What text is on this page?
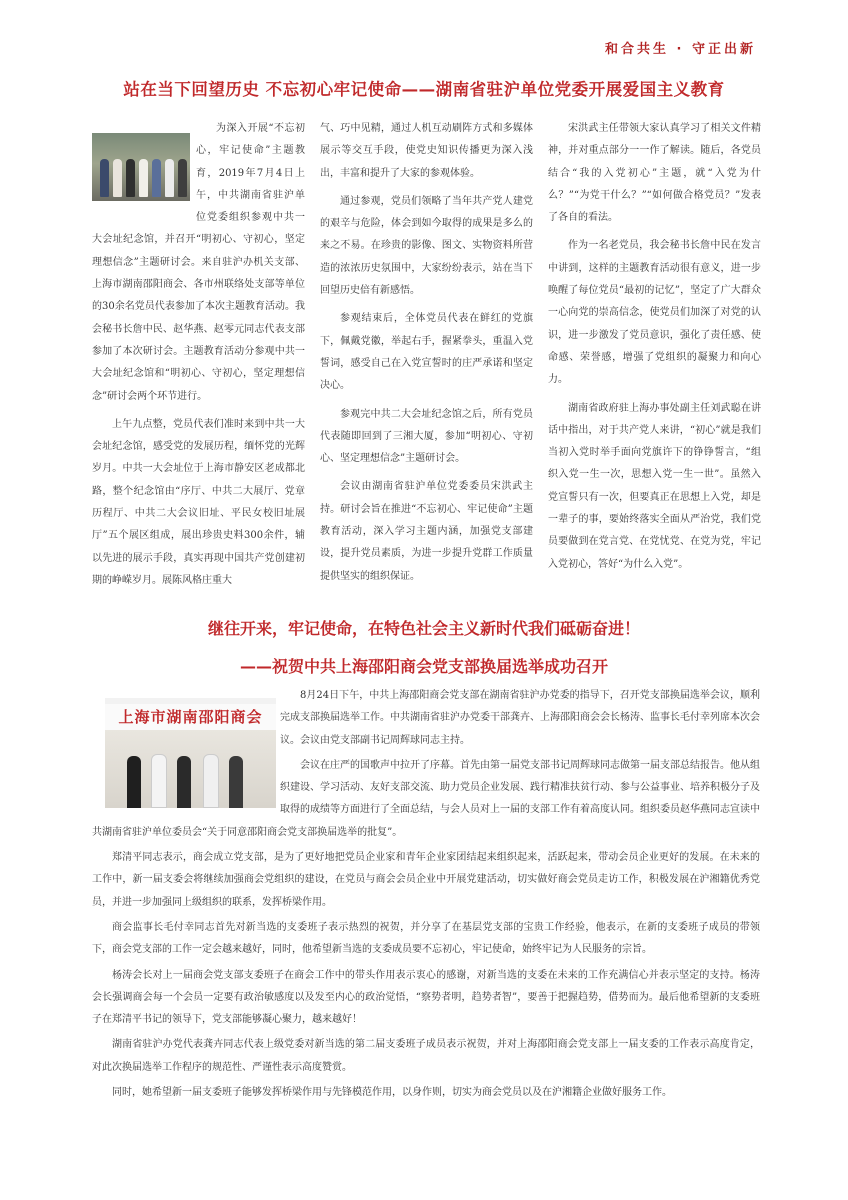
和合共生 · 守正出新
站在当下回望历史 不忘初心牢记使命——湖南省驻沪单位党委开展爱国主义教育

为深入开展“不忘初心，牢记使命”主题教育，2019年7月4日上午，中共湖南省驻沪单位党委组织参观中共一大会址纪念馆，并召开“明初心、守初心，坚定理想信念”主题研讨会。来自驻沪办机关支部、上海市湖南邵阳商会、各市州联络处支部等单位的30余名党员代表参加了本次主题教育活动。我会秘书长詹中民、赵华燕、赵零元同志代表支部参加了本次研讨会。主题教育活动分参观中共一大会址纪念馆和“明初心、守初心，坚定理想信念”研讨会两个环节进行。

上午九点整，党员代表们准时来到中共一大会址纪念馆，感受党的发展历程，缅怀党的光辉岁月。中共一大会址位于上海市静安区老成都北路，整个纪念馆由“序厅、中共二大展厅、党章历程厅、中共二大会议旧址、平民女校旧址展厅”五个展区组成，展出珍贵史料300余件，辅以先进的展示手段，真实再现中国共产党创建初期的峥嵘岁月。展陈风格庄重大

气、巧中见精，通过人机互动刷阵方式和多媒体展示等交互手段，使党史知识传播更为深入浅出，丰富和提升了大家的参观体验。

通过参观，党员们领略了当年共产党人建党的艰辛与危险，体会到如今取得的成果是多么的来之不易。在珍贵的影像、图文、实物资料所营造的浓浓历史氛围中，大家纷纷表示，站在当下回望历史倍有新感悟。

参观结束后，全体党员代表在鲜红的党旗下，佩戴党徽，举起右手，握紧拳头，重温入党誓词，感受自己在入党宣誓时的庄严承诺和坚定决心。

参观完中共二大会址纪念馆之后，所有党员代表随即回到了三湘大厦，参加“明初心、守初心、坚定理想信念”主题研讨会。

会议由湖南省驻沪单位党委委员宋洪武主持。研讨会旨在推进“不忘初心、牢记使命”主题教育活动，深入学习主题内涵，加强党支部建设，提升党员素质，为进一步提升党群工作质量提供坚实的组织保证。

宋洪武主任带领大家认真学习了相关文件精神，并对重点部分一一作了解读。随后，各党员结合“我的入党初心”主题，就“入党为什么？”“为党干什么？”“如何做合格党员？”发表了各自的看法。

作为一名老党员，我会秘书长詹中民在发言中讲到，这样的主题教育活动很有意义，进一步唤醒了每位党员“最初的记忆”，坚定了广大群众一心向党的崇高信念，使党员们加深了对党的认识，进一步激发了党员意识，强化了责任感、使命感、荣誉感，增强了党组织的凝聚力和向心力。

湖南省政府驻上海办事处副主任刘武聪在讲话中指出，对于共产党人来讲，“初心”就是我们当初入党时举手面向党旗许下的铮铮誓言，“组织入党一生一次，思想入党一生一世”。虽然入党宣誓只有一次，但要真正在思想上入党，却是一辈子的事，要始终落实全面从严治党，我们党员要做到在党言党、在党忧党、在党为党，牢记入党初心，答好“为什么入党”。

继往开来，牢记使命，在特色社会主义新时代我们砥砺奋进！
——祝贺中共上海邵阳商会党支部换届选举成功召开
上海市湖南邵阳商会

8月24日下午，中共上海邵阳商会党支部在湖南省驻沪办党委的指导下，召开党支部换届选举会议，顺利完成支部换届选举工作。中共湖南省驻沪办党委干部龚卉、上海邵阳商会会长杨涛、监事长毛付幸列席本次会议。会议由党支部副书记周辉球同志主持。

会议在庄严的国歌声中拉开了序幕。首先由第一届党支部书记周辉球同志做第一届支部总结报告。他从组织建设、学习活动、友好支部交流、助力党员企业发展、践行精准扶贫行动、参与公益事业、培养积极分子及取得的成绩等方面进行了全面总结，与会人员对上一届的支部工作有着高度认同。组织委员赵华燕同志宣读中共湖南省驻沪单位委员会“关于同意邵阳商会党支部换届选举的批复”。

郑清平同志表示，商会成立党支部，是为了更好地把党员企业家和青年企业家团结起来组织起来，活跃起来，带动会员企业更好的发展。在未来的工作中，新一届支委会将继续加强商会党组织的建设，在党员与商会会员企业中开展党建活动，切实做好商会党员走访工作，积极发展在沪湘籍优秀党员，并进一步加强同上级组织的联系，发挥桥梁作用。

商会监事长毛付幸同志首先对新当选的支委班子表示热烈的祝贺，并分享了在基层党支部的宝贵工作经验，他表示，在新的支委班子成员的带领下，商会党支部的工作一定会越来越好，同时，他希望新当选的支委成员要不忘初心，牢记使命，始终牢记为人民服务的宗旨。

杨涛会长对上一届商会党支部支委班子在商会工作中的带头作用表示衷心的感谢，对新当选的支委在未来的工作充满信心并表示坚定的支持。杨涛会长强调商会每一个会员一定要有政治敏感度以及发至内心的政治觉悟，“察势者明，趋势者智”，要善于把握趋势，借势而为。最后他希望新的支委班子在郑清平书记的领导下，党支部能够凝心聚力，越来越好！

湖南省驻沪办党代表龚卉同志代表上级党委对新当选的第二届支委班子成员表示祝贺，并对上海邵阳商会党支部上一届支委的工作表示高度肯定，对此次换届选举工作程序的规范性、严谨性表示高度赞赏。

同时，她希望新一届支委班子能够发挥桥梁作用与先锋模范作用，以身作则，切实为商会党员以及在沪湘籍企业做好服务工作。
